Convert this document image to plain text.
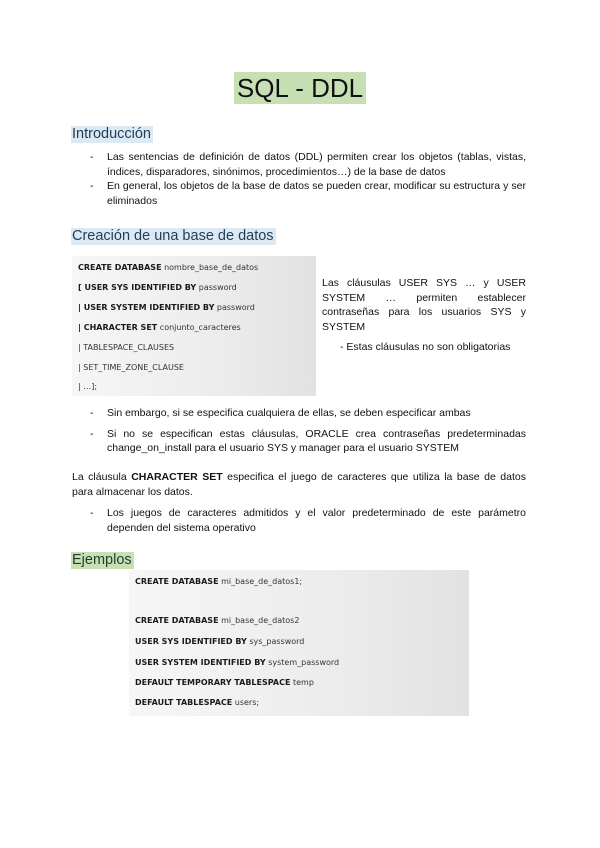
SQL - DDL
Introducción
- Las sentencias de definición de datos (DDL) permiten crear los objetos (tablas, vistas, índices, disparadores, sinónimos, procedimientos…) de la base de datos
- En general, los objetos de la base de datos se pueden crear, modificar su estructura y ser eliminados
Creación de una base de datos
CREATE DATABASE nombre_base_de_datos
[ USER SYS IDENTIFIED BY password
| USER SYSTEM IDENTIFIED BY password
| CHARACTER SET conjunto_caracteres
| TABLESPACE_CLAUSES
| SET_TIME_ZONE_CLAUSE
| …];

Las cláusulas USER SYS … y USER SYSTEM … permiten establecer contraseñas para los usuarios SYS y SYSTEM

- Estas cláusulas no son obligatorias

- Sin embargo, si se especifica cualquiera de ellas, se deben especificar ambas
- Si no se especifican estas cláusulas, ORACLE crea contraseñas predeterminadas change_on_install para el usuario SYS y manager para el usuario SYSTEM

La cláusula CHARACTER SET especifica el juego de caracteres que utiliza la base de datos para almacenar los datos.

- Los juegos de caracteres admitidos y el valor predeterminado de este parámetro dependen del sistema operativo
Ejemplos
CREATE DATABASE mi_base_de_datos1;
CREATE DATABASE mi_base_de_datos2
USER SYS IDENTIFIED BY sys_password
USER SYSTEM IDENTIFIED BY system_password
DEFAULT TEMPORARY TABLESPACE temp
DEFAULT TABLESPACE users;
